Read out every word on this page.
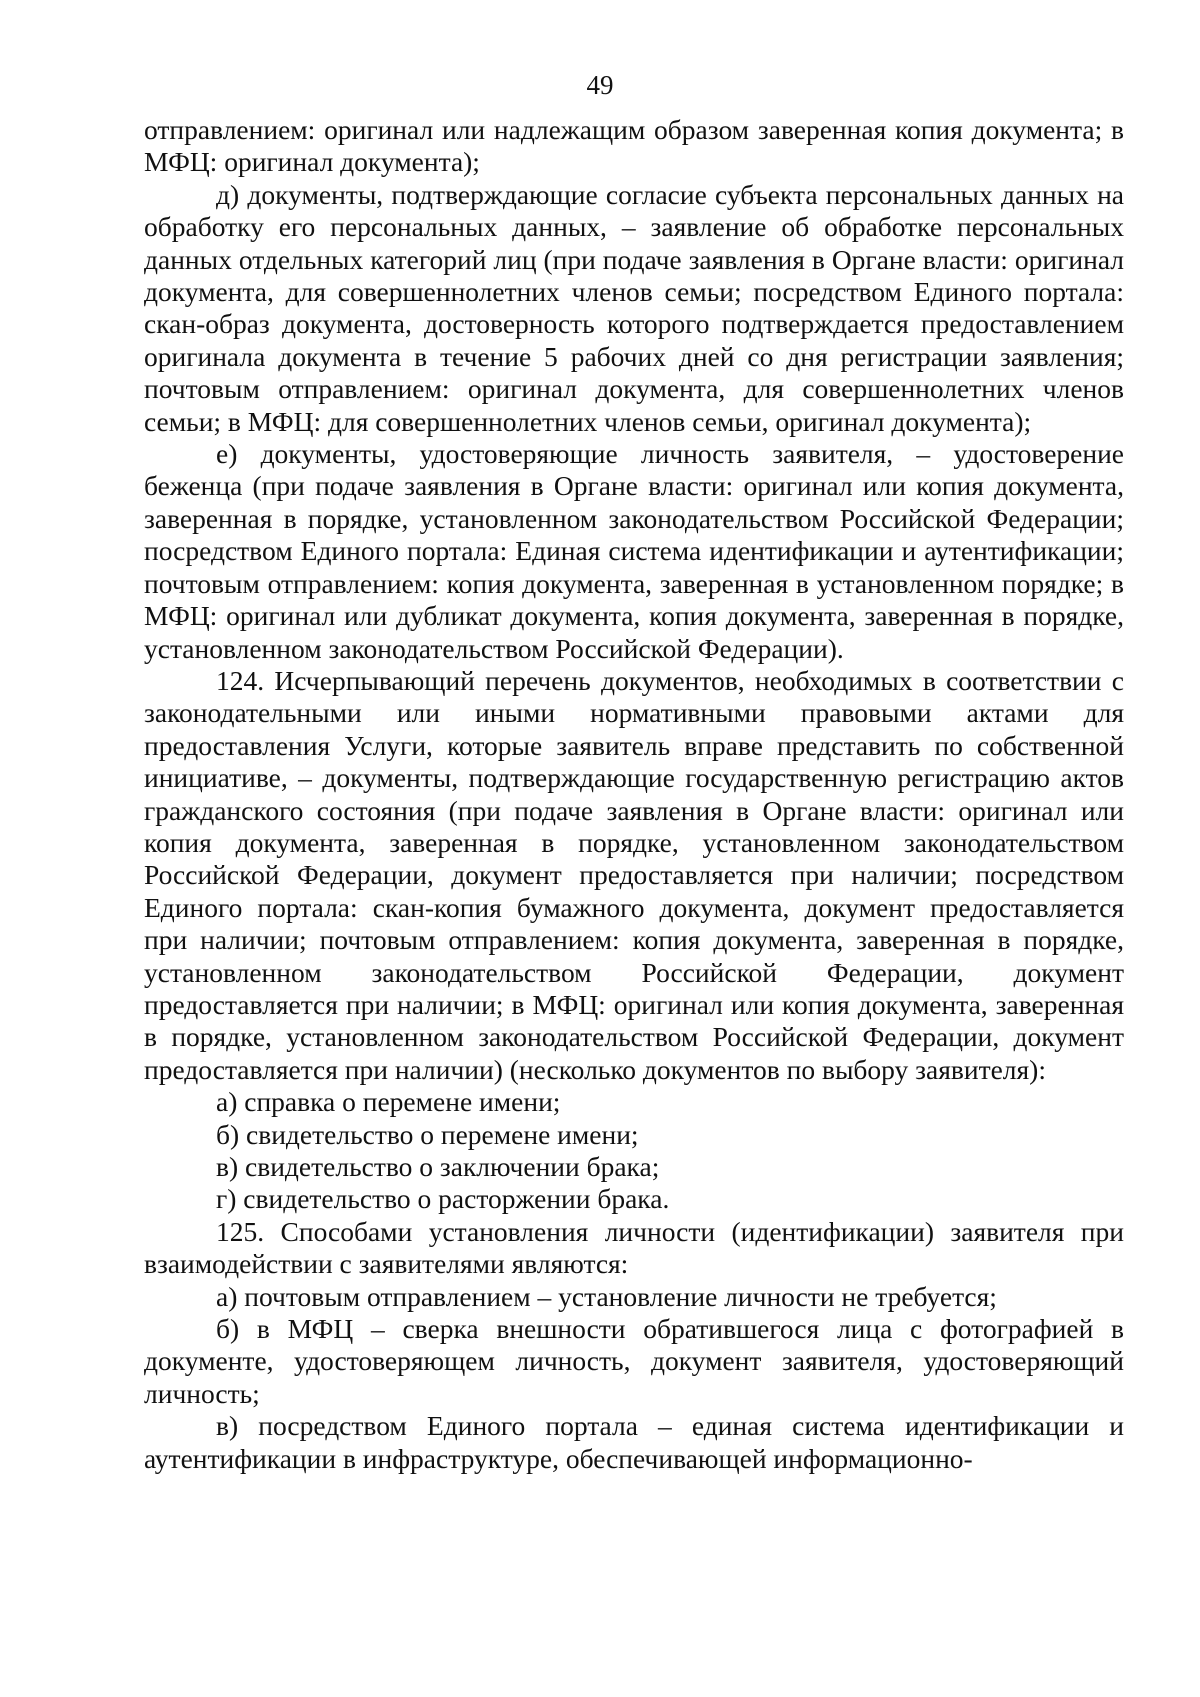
49

отправлением: оригинал или надлежащим образом заверенная копия документа; в МФЦ: оригинал документа);

д) документы, подтверждающие согласие субъекта персональных данных на обработку его персональных данных, – заявление об обработке персональных данных отдельных категорий лиц (при подаче заявления в Органе власти: оригинал документа, для совершеннолетних членов семьи; посредством Единого портала: скан-образ документа, достоверность которого подтверждается предоставлением оригинала документа в течение 5 рабочих дней со дня регистрации заявления; почтовым отправлением: оригинал документа, для совершеннолетних членов семьи; в МФЦ: для совершеннолетних членов семьи, оригинал документа);

е) документы, удостоверяющие личность заявителя, – удостоверение беженца (при подаче заявления в Органе власти: оригинал или копия документа, заверенная в порядке, установленном законодательством Российской Федерации; посредством Единого портала: Единая система идентификации и аутентификации; почтовым отправлением: копия документа, заверенная в установленном порядке; в МФЦ: оригинал или дубликат документа, копия документа, заверенная в порядке, установленном законодательством Российской Федерации).

124. Исчерпывающий перечень документов, необходимых в соответствии с законодательными или иными нормативными правовыми актами для предоставления Услуги, которые заявитель вправе представить по собственной инициативе, – документы, подтверждающие государственную регистрацию актов гражданского состояния (при подаче заявления в Органе власти: оригинал или копия документа, заверенная в порядке, установленном законодательством Российской Федерации, документ предоставляется при наличии; посредством Единого портала: скан-копия бумажного документа, документ предоставляется при наличии; почтовым отправлением: копия документа, заверенная в порядке, установленном законодательством Российской Федерации, документ предоставляется при наличии; в МФЦ: оригинал или копия документа, заверенная в порядке, установленном законодательством Российской Федерации, документ предоставляется при наличии) (несколько документов по выбору заявителя):

а) справка о перемене имени;

б) свидетельство о перемене имени;

в) свидетельство о заключении брака;

г) свидетельство о расторжении брака.

125. Способами установления личности (идентификации) заявителя при взаимодействии с заявителями являются:

а) почтовым отправлением – установление личности не требуется;

б) в МФЦ – сверка внешности обратившегося лица с фотографией в документе, удостоверяющем личность, документ заявителя, удостоверяющий личность;

в) посредством Единого портала – единая система идентификации и аутентификации в инфраструктуре, обеспечивающей информационно-
